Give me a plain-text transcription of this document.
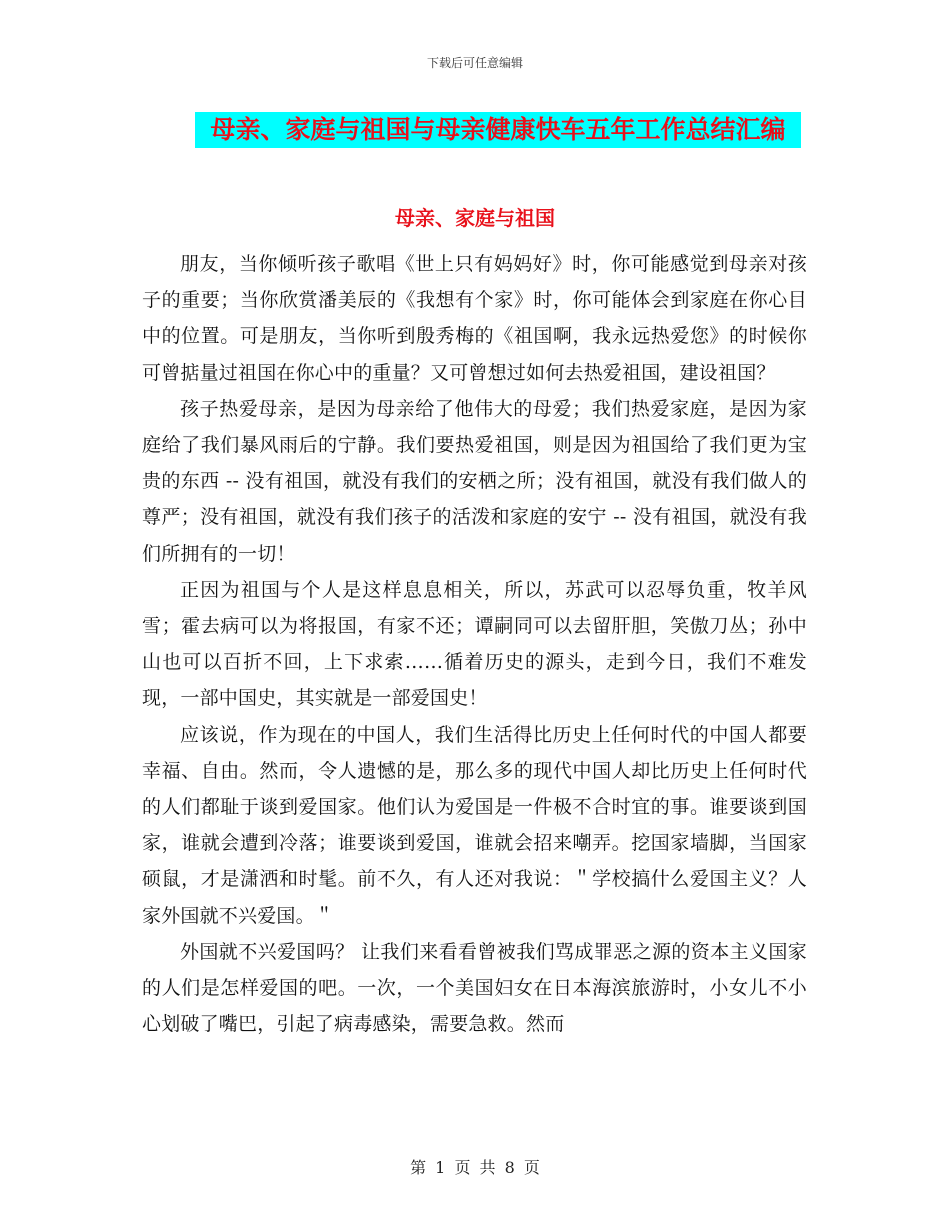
下载后可任意编辑
母亲、家庭与祖国与母亲健康快车五年工作总结汇编
母亲、家庭与祖国

朋友，当你倾听孩子歌唱《世上只有妈妈好》时，你可能感觉到母亲对孩子的重要；当你欣赏潘美辰的《我想有个家》时，你可能体会到家庭在你心目中的位置。可是朋友，当你听到殷秀梅的《祖国啊，我永远热爱您》的时候你可曾掂量过祖国在你心中的重量？又可曾想过如何去热爱祖国，建设祖国？

孩子热爱母亲，是因为母亲给了他伟大的母爱；我们热爱家庭，是因为家庭给了我们暴风雨后的宁静。我们要热爱祖国，则是因为祖国给了我们更为宝贵的东西 -- 没有祖国，就没有我们的安栖之所；没有祖国，就没有我们做人的尊严；没有祖国，就没有我们孩子的活泼和家庭的安宁 -- 没有祖国，就没有我们所拥有的一切！

正因为祖国与个人是这样息息相关，所以，苏武可以忍辱负重，牧羊风雪；霍去病可以为将报国，有家不还；谭嗣同可以去留肝胆，笑傲刀丛；孙中山也可以百折不回，上下求索……循着历史的源头，走到今日，我们不难发现，一部中国史，其实就是一部爱国史！

应该说，作为现在的中国人，我们生活得比历史上任何时代的中国人都要幸福、自由。然而，令人遗憾的是，那么多的现代中国人却比历史上任何时代的人们都耻于谈到爱国家。他们认为爱国是一件极不合时宜的事。谁要谈到国家，谁就会遭到冷落；谁要谈到爱国，谁就会招来嘲弄。挖国家墙脚，当国家硕鼠，才是潇洒和时髦。前不久，有人还对我说：＂学校搞什么爱国主义？人家外国就不兴爱国。＂

外国就不兴爱国吗？ 让我们来看看曾被我们骂成罪恶之源的资本主义国家的人们是怎样爱国的吧。一次，一个美国妇女在日本海滨旅游时，小女儿不小心划破了嘴巴，引起了病毒感染，需要急救。然而

第 1 页 共 8 页
